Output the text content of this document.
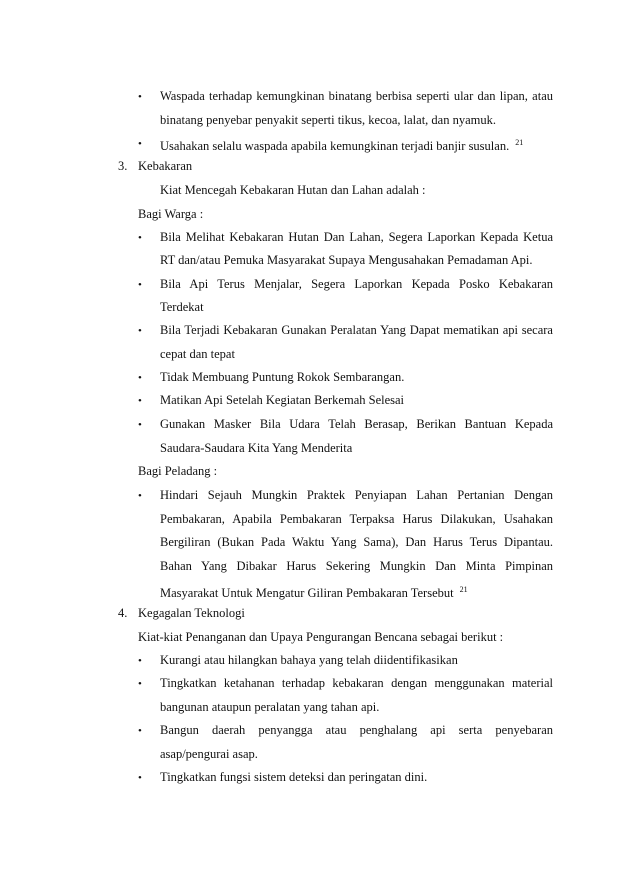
• Waspada terhadap kemungkinan binatang berbisa seperti ular dan lipan, atau
binatang penyebar penyakit seperti tikus, kecoa, lalat, dan nyamuk.
• Usahakan selalu waspada apabila kemungkinan terjadi banjir susulan. $^{21}$
3. Kebakaran
Kiat Mencegah Kebakaran Hutan dan Lahan adalah :
Bagi Warga :
• Bila Melihat Kebakaran Hutan Dan Lahan, Segera Laporkan Kepada Ketua
RT dan/atau Pemuka Masyarakat Supaya Mengusahakan Pemadaman Api.
• Bila Api Terus Menjalar, Segera Laporkan Kepada Posko Kebakaran
Terdekat
• Bila Terjadi Kebakaran Gunakan Peralatan Yang Dapat mematikan api secara
cepat dan tepat
• Tidak Membuang Puntung Rokok Sembarangan.
• Matikan Api Setelah Kegiatan Berkemah Selesai
• Gunakan Masker Bila Udara Telah Berasap, Berikan Bantuan Kepada
Saudara-Saudara Kita Yang Menderita
Bagi Peladang :
• Hindari Sejauh Mungkin Praktek Penyiapan Lahan Pertanian Dengan
Pembakaran, Apabila Pembakaran Terpaksa Harus Dilakukan, Usahakan
Bergiliran (Bukan Pada Waktu Yang Sama), Dan Harus Terus Dipantau.
Bahan Yang Dibakar Harus Sekering Mungkin Dan Minta Pimpinan
Masyarakat Untuk Mengatur Giliran Pembakaran Tersebut $^{21}$
4. Kegagalan Teknologi
Kiat-kiat Penanganan dan Upaya Pengurangan Bencana sebagai berikut :
• Kurangi atau hilangkan bahaya yang telah diidentifikasikan
• Tingkatkan ketahanan terhadap kebakaran dengan menggunakan material
bangunan ataupun peralatan yang tahan api.
• Bangun daerah penyangga atau penghalang api serta penyebaran
asap/pengurai asap.
• Tingkatkan fungsi sistem deteksi dan peringatan dini.
